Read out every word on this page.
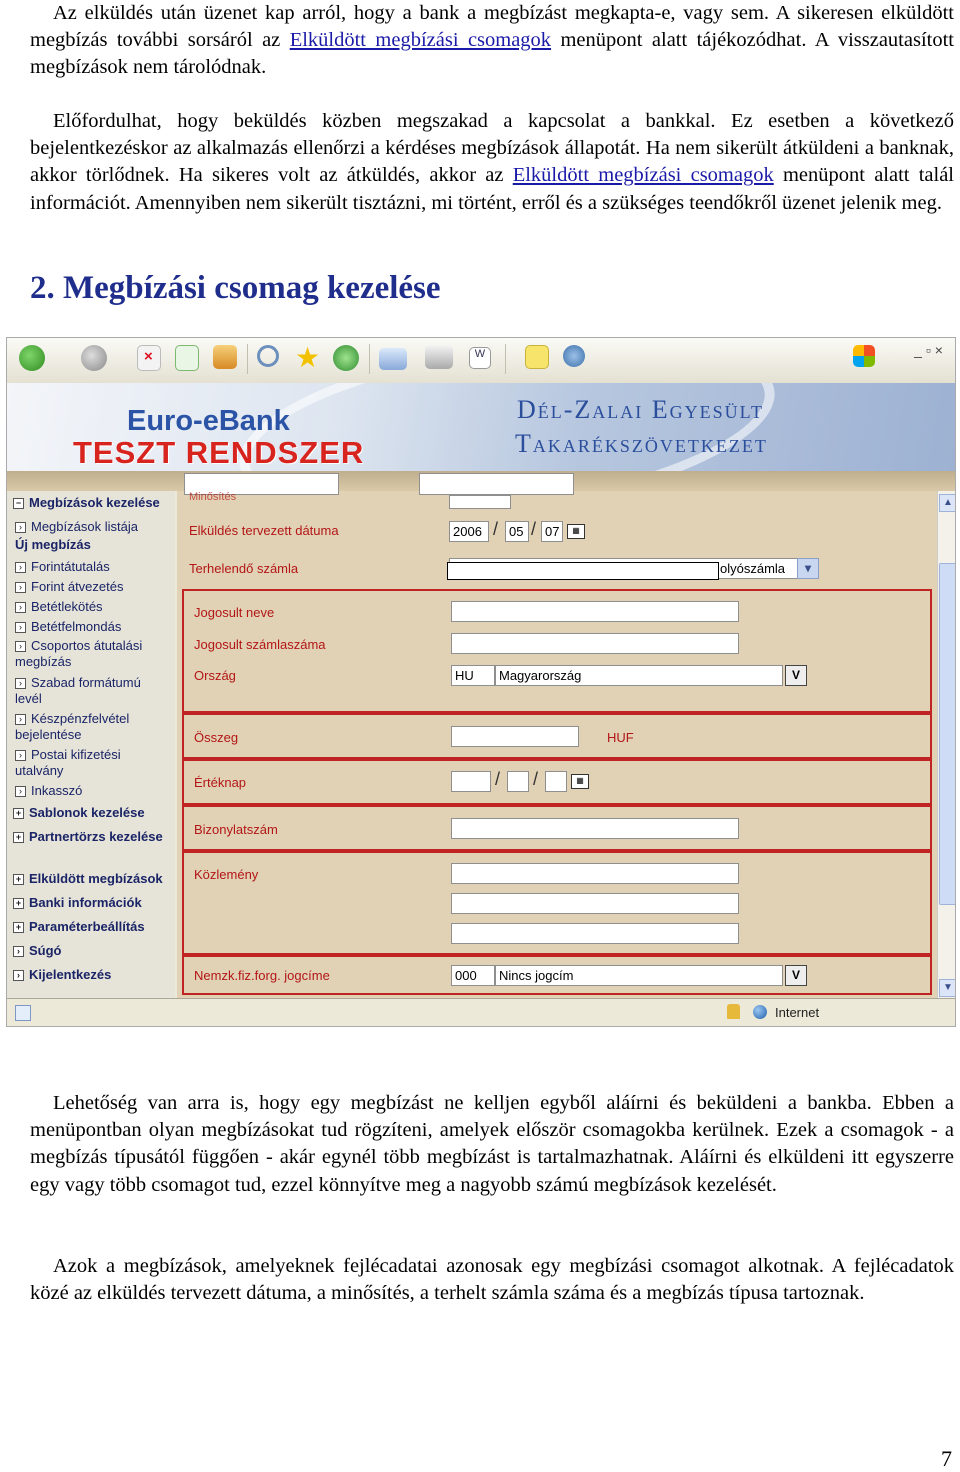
Az elküldés után üzenet kap arról, hogy a bank a megbízást megkapta-e, vagy sem. A sikeresen elküldött megbízás további sorsáról az Elküldött megbízási csomagok menüpont alatt tájékozódhat. A visszautasított megbízások nem tárolódnak.

Előfordulhat, hogy beküldés közben megszakad a kapcsolat a bankkal. Ez esetben a következő bejelentkezéskor az alkalmazás ellenőrzi a kérdéses megbízások állapotát. Ha nem sikerült átküldeni a banknak, akkor törlődnek. Ha sikeres volt az átküldés, akkor az Elküldött megbízási csomagok menüpont alatt talál információt. Amennyiben nem sikerült tisztázni, mi történt, erről és a szükséges teendőkről üzenet jelenik meg.

2. Megbízási csomag kezelése
×	★	W	_▫×
Euro-eBank
TESZT RENDSZER
Dél-Zalai Egyesült
Takarékszövetkezet
− Megbízások kezelése
› Megbízások listája
Új megbízás
› Forintátutalás
› Forint átvezetés
› Betétlekötés
› Betétfelmondás
› Csoportos átutalási megbízás
› Szabad formátumú levél
› Készpénzfelvétel bejelentése
› Postai kifizetési utalvány
› Inkasszó
+ Sablonok kezelése
+ Partnertörzs kezelése
+ Elküldött megbízások
+ Banki információk
+ Paraméterbeállítás
› Súgó
› Kijelentkezés
Minősítés
Elküldés tervezett dátuma	2006 / 05 / 07	▦
Terhelendő számla	olyószámla	▾
Jogosult neve
Jogosult számlaszáma
Ország	HU	Magyarország	V
Összeg	HUF
Értéknap	/ /	▦
Bizonylatszám
Közlemény
Nemzk.fiz.forg. jogcíme	000	Nincs jogcím	V
▲
▼
Internet

Lehetőség van arra is, hogy egy megbízást ne kelljen egyből aláírni és beküldeni a bankba. Ebben a menüpontban olyan megbízásokat tud rögzíteni, amelyek először csomagokba kerülnek. Ezek a csomagok - a megbízás típusától függően - akár egynél több megbízást is tartalmazhatnak. Aláírni és elküldeni itt egyszerre egy vagy több csomagot tud, ezzel könnyítve meg a nagyobb számú megbízások kezelését.

Azok a megbízások, amelyeknek fejlécadatai azonosak egy megbízási csomagot alkotnak. A fejlécadatok közé az elküldés tervezett dátuma, a minősítés, a terhelt számla száma és a megbízás típusa tartoznak.

7
